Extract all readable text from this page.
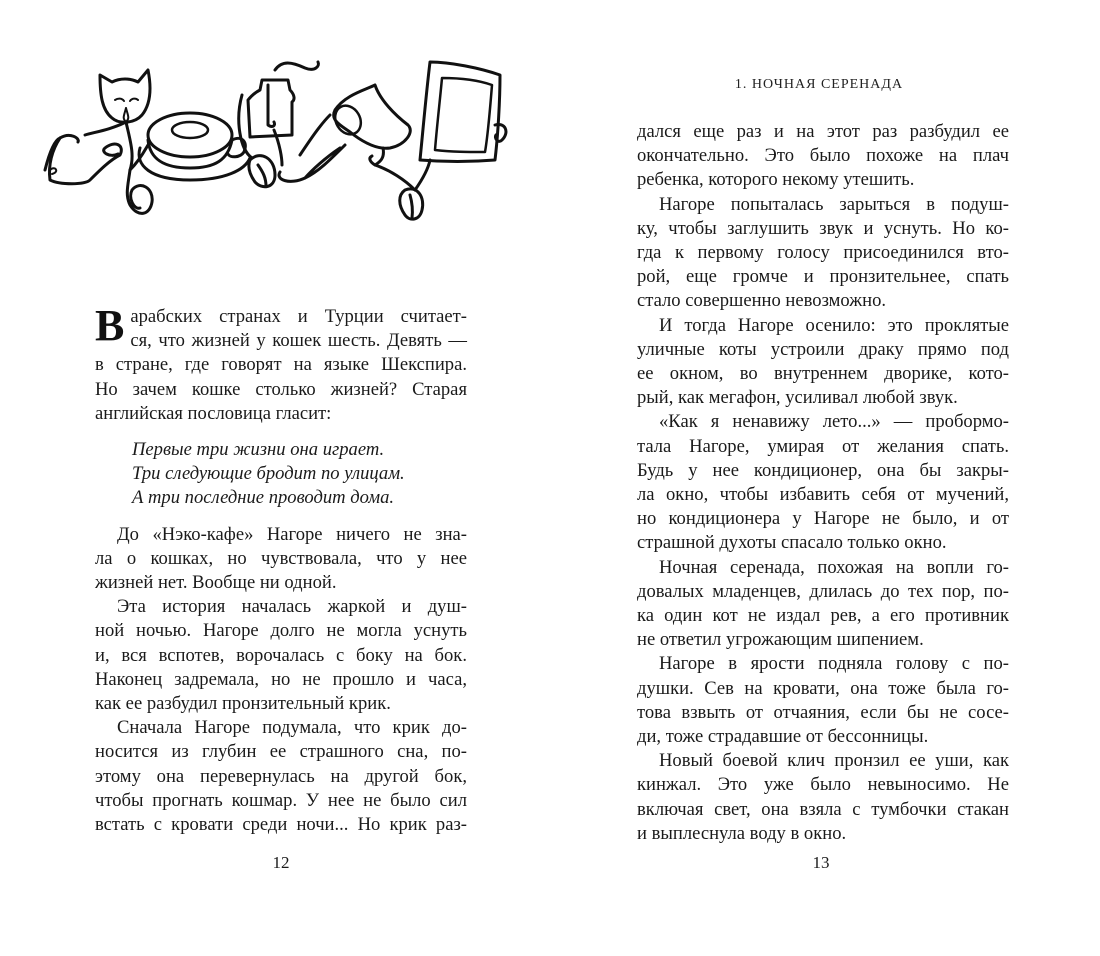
В арабских странах и Турции считает-
ся, что жизней у кошек шесть. Девять —
в стране, где говорят на языке Шекспира.
Но зачем кошке столько жизней? Старая
английская пословица гласит:

Первые три жизни она играет.
Три следующие бродит по улицам.
А три последние проводит дома.

До «Нэко-кафе» Нагоре ничего не зна-
ла о кошках, но чувствовала, что у нее
жизней нет. Вообще ни одной.

Эта история началась жаркой и душ-
ной ночью. Нагоре долго не могла уснуть
и, вся вспотев, ворочалась с боку на бок.
Наконец задремала, но не прошло и часа,
как ее разбудил пронзительный крик.

Сначала Нагоре подумала, что крик до-
носится из глубин ее страшного сна, по-
этому она перевернулась на другой бок,
чтобы прогнать кошмар. У нее не было сил
встать с кровати среди ночи... Но крик раз-

12
1. НОЧНАЯ СЕРЕНАДА

дался еще раз и на этот раз разбудил ее
окончательно. Это было похоже на плач
ребенка, которого некому утешить.

Нагоре попыталась зарыться в подуш-
ку, чтобы заглушить звук и уснуть. Но ко-
гда к первому голосу присоединился вто-
рой, еще громче и пронзительнее, спать
стало совершенно невозможно.

И тогда Нагоре осенило: это проклятые
уличные коты устроили драку прямо под
ее окном, во внутреннем дворике, кото-
рый, как мегафон, усиливал любой звук.

«Как я ненавижу лето...» — пробормо-
тала Нагоре, умирая от желания спать.
Будь у нее кондиционер, она бы закры-
ла окно, чтобы избавить себя от мучений,
но кондиционера у Нагоре не было, и от
страшной духоты спасало только окно.

Ночная серенада, похожая на вопли го-
довалых младенцев, длилась до тех пор, по-
ка один кот не издал рев, а его противник
не ответил угрожающим шипением.

Нагоре в ярости подняла голову с по-
душки. Сев на кровати, она тоже была го-
това взвыть от отчаяния, если бы не сосе-
ди, тоже страдавшие от бессонницы.

Новый боевой клич пронзил ее уши, как
кинжал. Это уже было невыносимо. Не
включая свет, она взяла с тумбочки стакан
и выплеснула воду в окно.

13
